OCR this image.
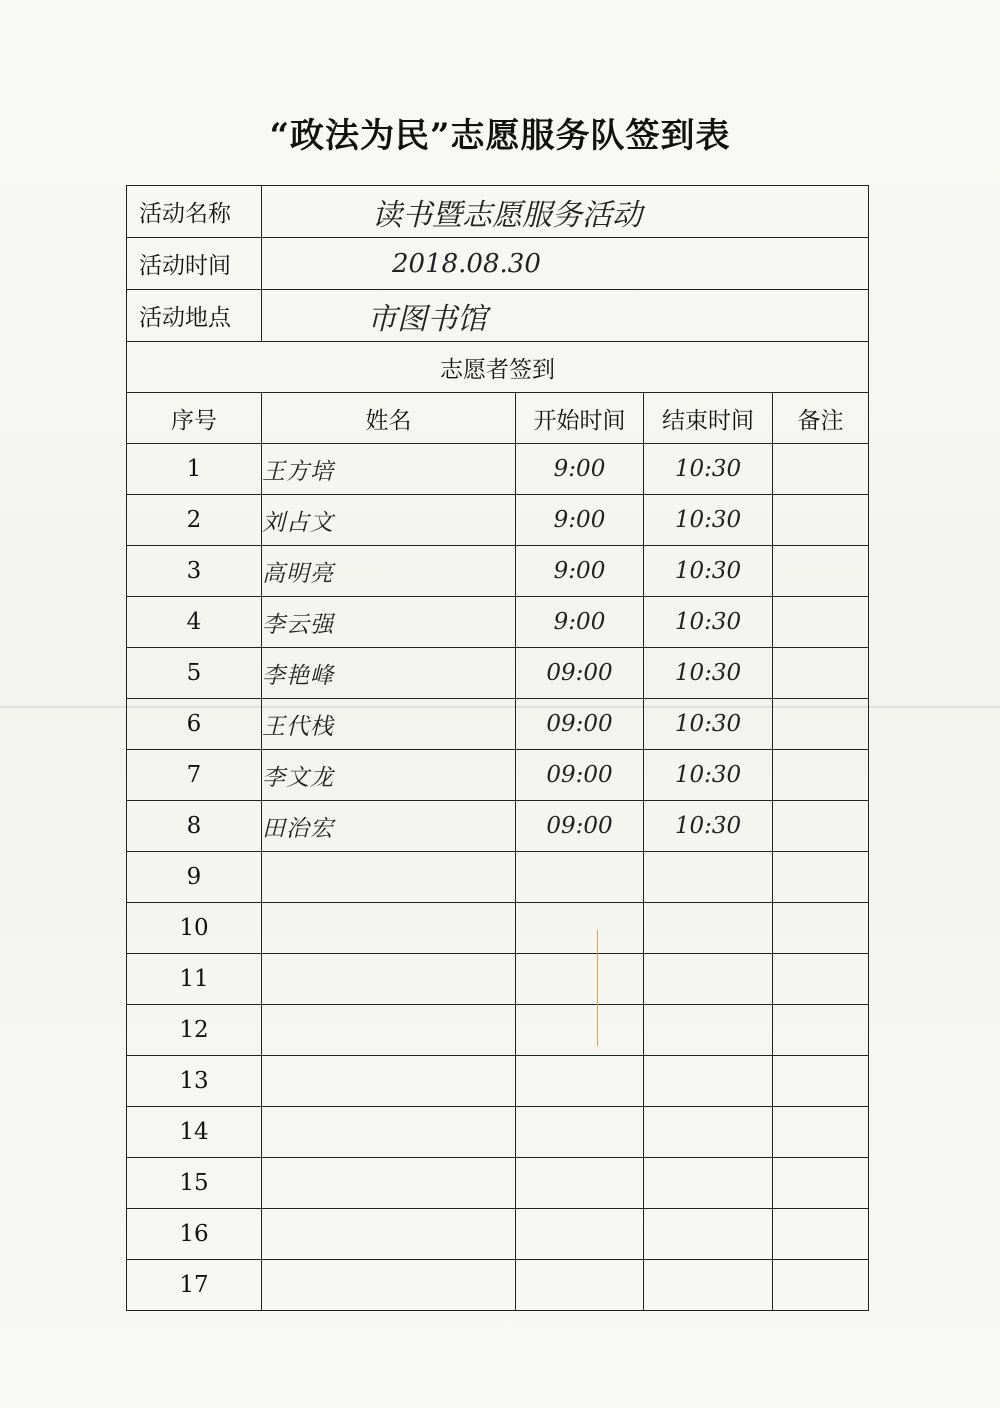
“政法为民”志愿服务队签到表
活动名称	读书暨志愿服务活动			
活动时间	2018.08.30			
活动地点	市图书馆			
志愿者签到				
序号	姓名	开始时间	结束时间	备注
1	王方培	9:00	10:30	
2	刘占文	9:00	10:30	
3	高明亮	9:00	10:30	
4	李云强	9:00	10:30	
5	李艳峰	09:00	10:30	
6	王代栈	09:00	10:30	
7	李文龙	09:00	10:30	
8	田治宏	09:00	10:30	
9				
10				
11				
12				
13				
14				
15				
16				
17				
